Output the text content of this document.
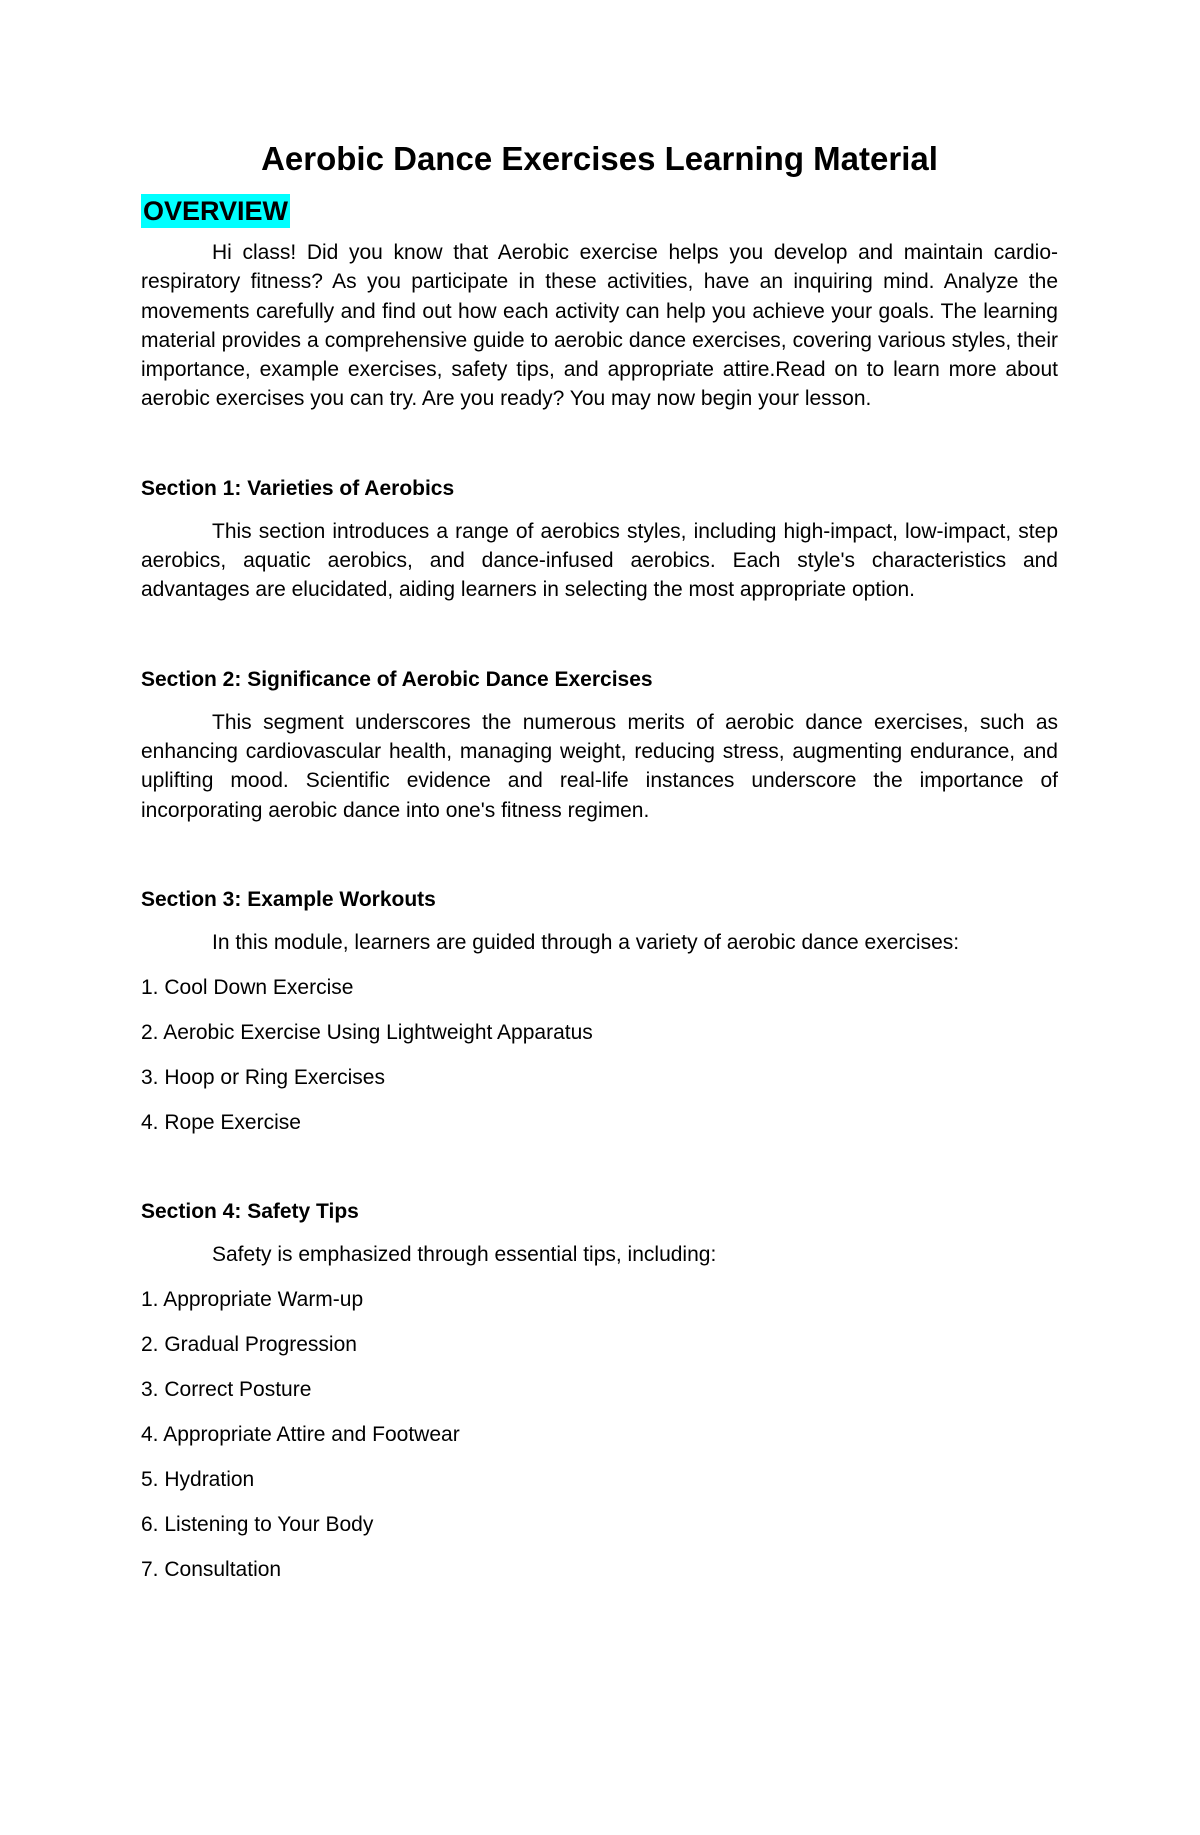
Aerobic Dance Exercises Learning Material
OVERVIEW

Hi class! Did you know that Aerobic exercise helps you develop and maintain cardio-respiratory fitness? As you participate in these activities, have an inquiring mind. Analyze the movements carefully and find out how each activity can help you achieve your goals. The learning material provides a comprehensive guide to aerobic dance exercises, covering various styles, their importance, example exercises, safety tips, and appropriate attire.Read on to learn more about aerobic exercises you can try. Are you ready? You may now begin your lesson.

Section 1: Varieties of Aerobics

This section introduces a range of aerobics styles, including high-impact, low-impact, step aerobics, aquatic aerobics, and dance-infused aerobics. Each style's characteristics and advantages are elucidated, aiding learners in selecting the most appropriate option.

Section 2: Significance of Aerobic Dance Exercises

This segment underscores the numerous merits of aerobic dance exercises, such as enhancing cardiovascular health, managing weight, reducing stress, augmenting endurance, and uplifting mood. Scientific evidence and real-life instances underscore the importance of incorporating aerobic dance into one's fitness regimen.

Section 3: Example Workouts

In this module, learners are guided through a variety of aerobic dance exercises:

1. Cool Down Exercise
2. Aerobic Exercise Using Lightweight Apparatus
3. Hoop or Ring Exercises
4. Rope Exercise
Section 4: Safety Tips

Safety is emphasized through essential tips, including:

1. Appropriate Warm-up
2. Gradual Progression
3. Correct Posture
4. Appropriate Attire and Footwear
5. Hydration
6. Listening to Your Body
7. Consultation
